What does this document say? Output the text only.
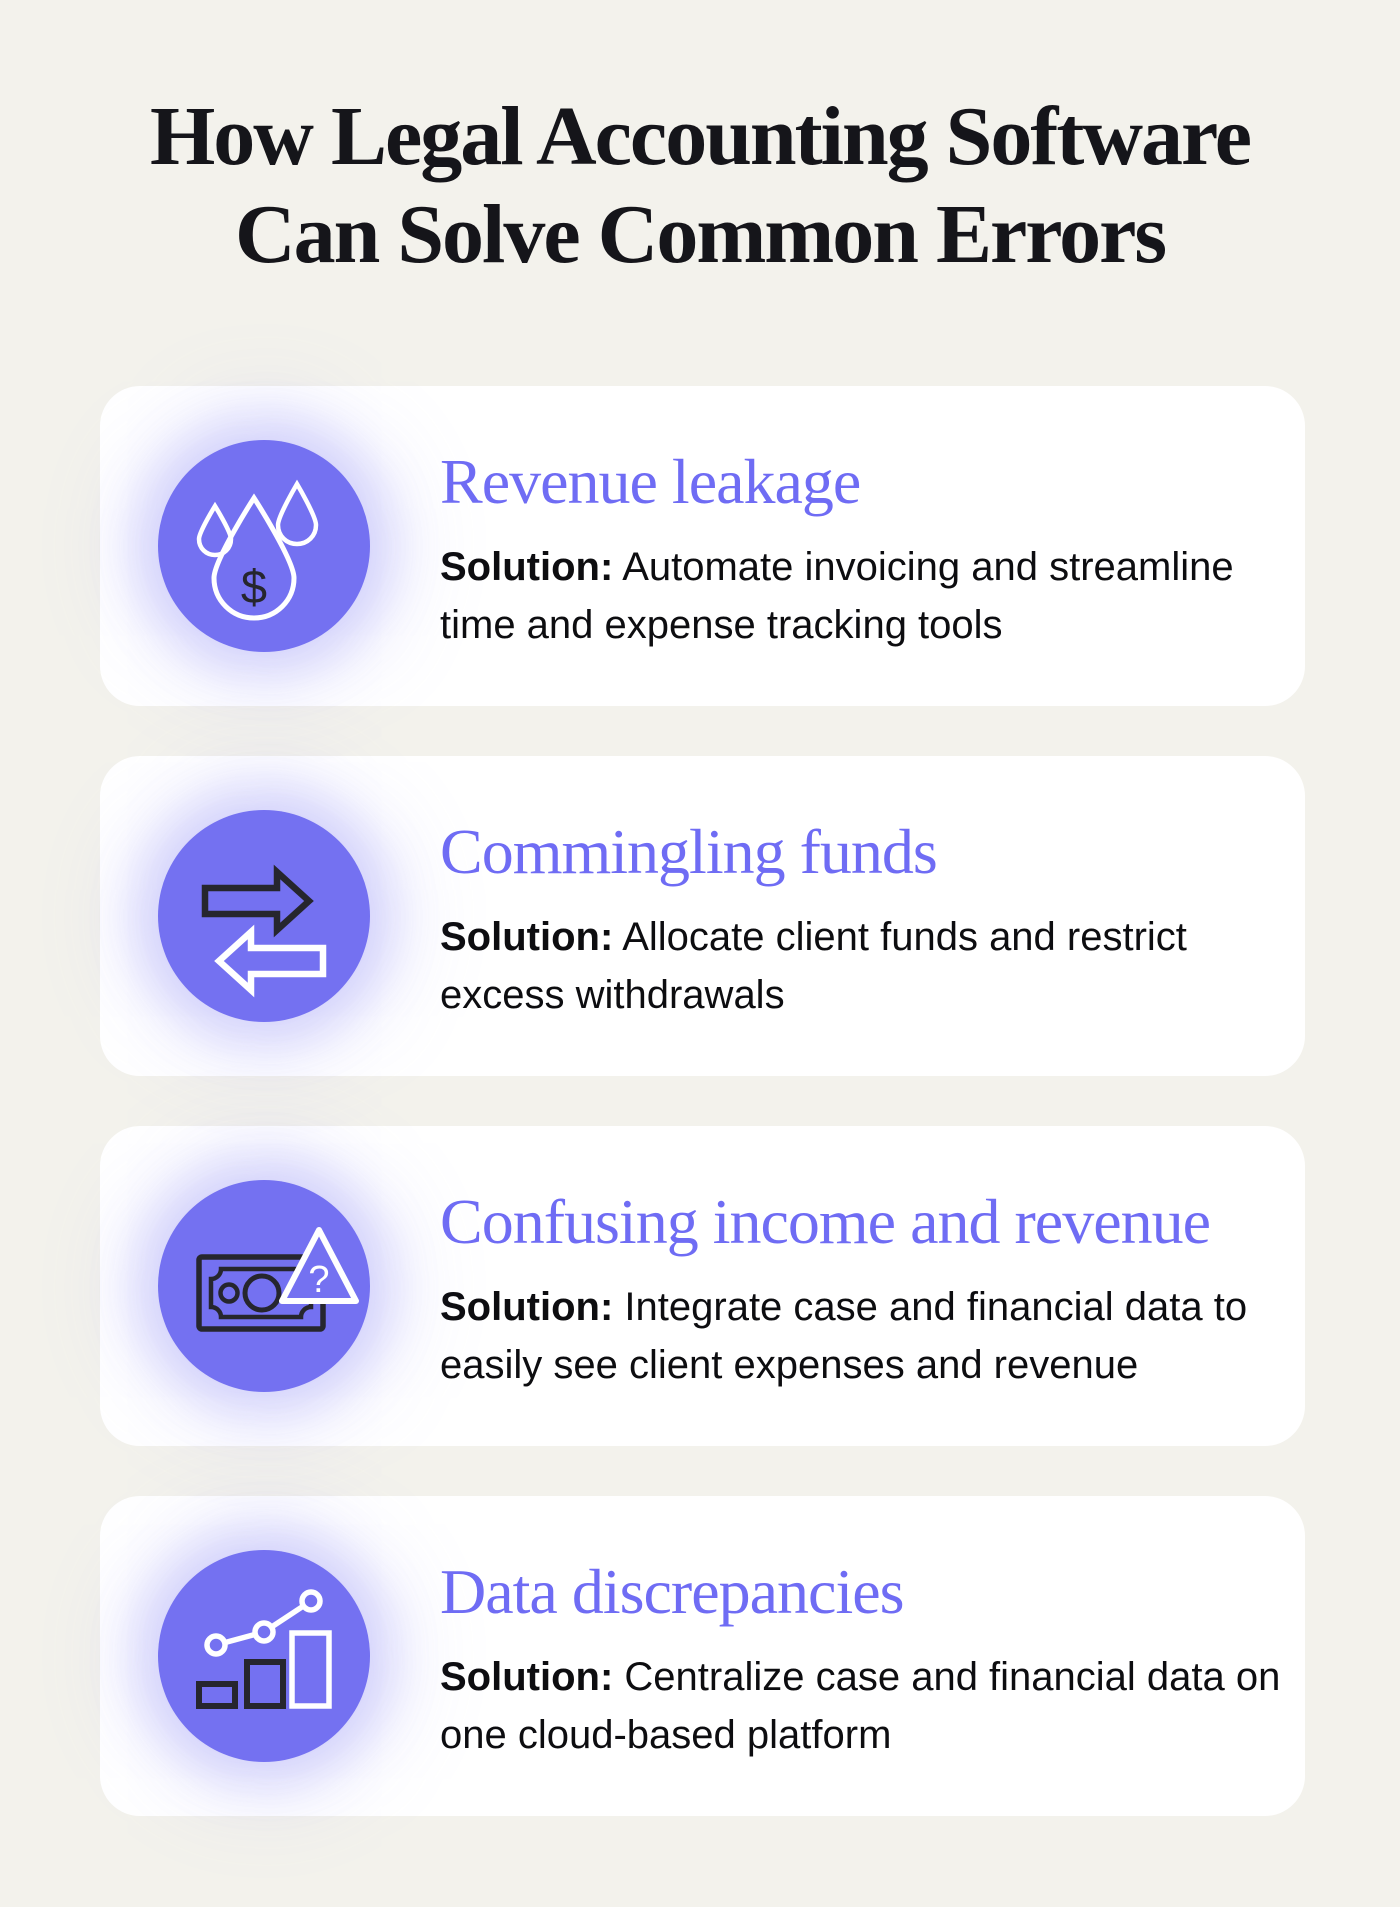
How Legal Accounting Software
Can Solve Common Errors
$
Revenue leakage

Solution: Automate invoicing and streamline time and expense tracking tools

Commingling funds

Solution: Allocate client funds and restrict excess withdrawals

?
Confusing income and revenue

Solution: Integrate case and financial data to easily see client expenses and revenue

Data discrepancies

Solution: Centralize case and financial data on one cloud-based platform
